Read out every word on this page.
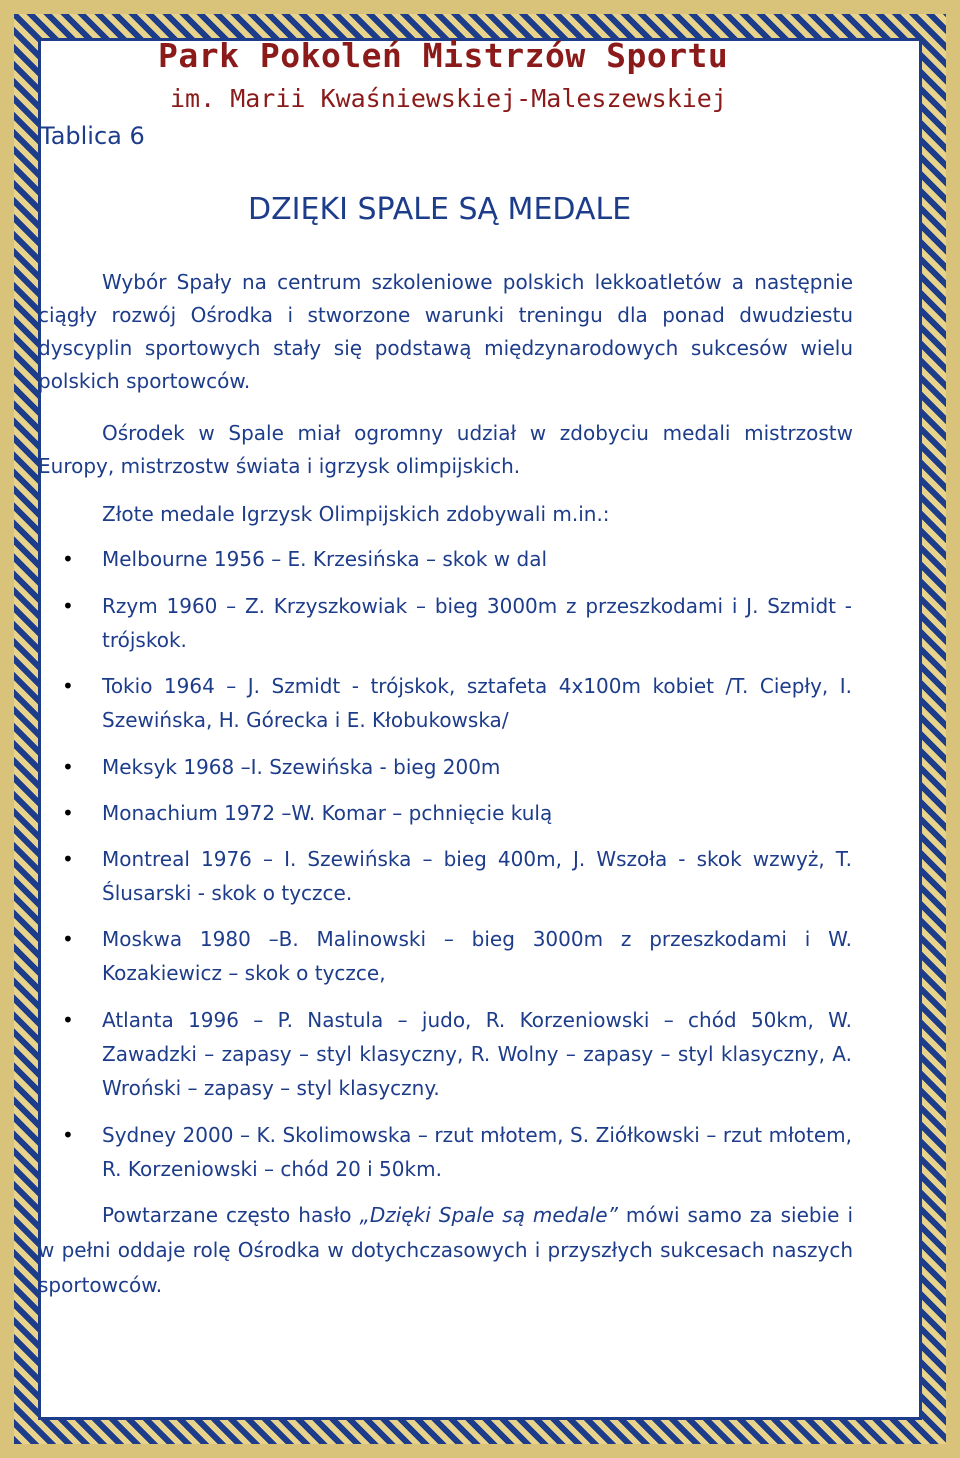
Park Pokoleń Mistrzów Sportu
im. Marii Kwaśniewskiej-Maleszewskiej
Tablica 6
DZIĘKI SPALE SĄ MEDALE

Wybór Spały na centrum szkoleniowe polskich lekkoatletów a następnie ciągły rozwój Ośrodka i stworzone warunki treningu dla ponad dwudziestu dyscyplin sportowych stały się podstawą międzynarodowych sukcesów wielu polskich sportowców.

Ośrodek w Spale miał ogromny udział w zdobyciu medali mistrzostw Europy, mistrzostw świata i igrzysk olimpijskich.

Złote medale Igrzysk Olimpijskich zdobywali m.in.:

• Melbourne 1956 – E. Krzesińska – skok w dal
• Rzym 1960 – Z. Krzyszkowiak – bieg 3000m z przeszkodami i J. Szmidt - trójskok.
• Tokio 1964 – J. Szmidt - trójskok, sztafeta 4x100m kobiet /T. Ciepły, I. Szewińska, H. Górecka i E. Kłobukowska/
• Meksyk 1968 –I. Szewińska - bieg 200m
• Monachium 1972 –W. Komar – pchnięcie kulą
• Montreal 1976 – I. Szewińska – bieg 400m, J. Wszoła - skok wzwyż, T. Ślusarski - skok o tyczce.
• Moskwa 1980 –B. Malinowski – bieg 3000m z przeszkodami i W. Kozakiewicz – skok o tyczce,
• Atlanta 1996 – P. Nastula – judo, R. Korzeniowski – chód 50km, W. Zawadzki – zapasy – styl klasyczny, R. Wolny – zapasy – styl klasyczny, A. Wroński – zapasy – styl klasyczny.
• Sydney 2000 – K. Skolimowska – rzut młotem, S. Ziółkowski – rzut młotem, R. Korzeniowski – chód 20 i 50km.

Powtarzane często hasło „Dzięki Spale są medale” mówi samo za siebie i w pełni oddaje rolę Ośrodka w dotychczasowych i przyszłych sukcesach naszych sportowców.
